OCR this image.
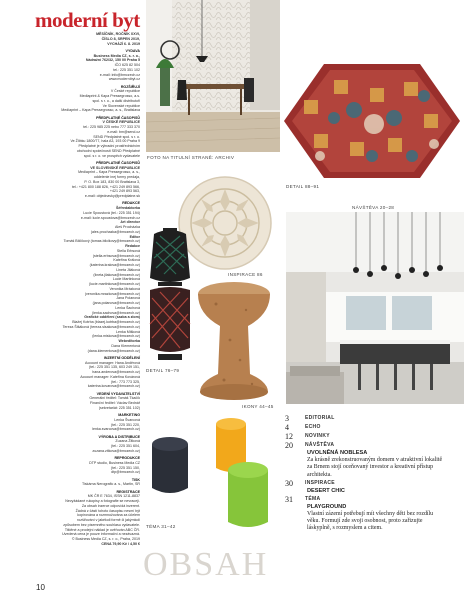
moderní byt
MĚSÍČNÍK, ROČNÍK XXVI,
ČÍSLO 8, SRPEN 2019,
VYCHÁZÍ 6. 8. 2019
VYDAVA
Business Media CZ, s. r. o.,
Nádražní 762/32, 150 00 Praha 5
IČO 625 82 504
tel.: 225 351 102
e-mail: info@bmczech.cz
www.moderníbyt.cz
ROZŠIŘUJÍ
V České republice
Mediaprint & Kapa Pressegrosso, a.s.
spol. s r. o., a další distributoři
Ve Slovenské republice
Mediaprint – Kapa Pressegrosso, a. s., Bratislava
PŘEDPLATNÉ ČASOPISŮ
V ČESKÉ REPUBLICE
tel.: 225 985 225 nebo 777 333 370
e-mail: bm@send.cz
SEND Předplatné spol. s r. o.
Ve Žlíbku 1800/77, hala A3, 193 00 Praha 9
Předplatné je výhradní prostřednictvím
obchodní společnosti SEND Předplatné
spol. s r. o. ve prospěch vydavatele
PŘEDPLATNÉ ČASOPISŮ
VE SLOVENSKÉ REPUBLICE
Mediaprint – Kapa Pressegrosso, a. s.,
oddelenie inej formy predaja,
P. O. Box 183, 830 00 Bratislava 3,
tel.: +421 800 188 826, +421 249 893 566,
+421 249 893 563,
e-mail: objednavky@predplatne.sk
REDAKCE
Šéfredaktorka
Lucie Spoustová (tel.: 225 351 194)
e-mail: lucie.spoustova@bmczech.cz
Art director
Aleš Procházka
(ales.prochazka@bmczech.cz)
Editor
Tomáš Bílčíkový (tomas.bilcikovy@bmczech.cz)
Redakce
Stella Erbsová
(stella.erbsova@bmczech.cz)
Kateřina Králová
(katerina.kralova@bmczech.cz)
Lineta Jiláková
(lineta.jilakova@bmczech.cz)
Lucie Martinková
(lucie.martinkova@bmczech.cz)
Veronika Mrázková
(veronika.mrazkova@bmczech.cz)
Jana Polanová
(jana.polanova@bmczech.cz)
Lenka Šachová
(lenka.sachova@bmczech.cz)
Grafické oddělení (sazba a zlom)
Blažej Kotrba (blazej.kotrba@bmczech.cz)
Tereza Šišáková (tereza.sisakova@bmczech.cz)
Lenka Mišková
(lenka.miskova@bmczech.cz)
Webeditorka
Dana Klementová
(dana.klementova@bmczech.cz)
INZERTNÍ ODDĚLENÍ
Account manager: Hana Anděrová
(tel.: 225 351 135, 603 249 151,
hana.anderova@bmczech.cz)
Account manager: Kateřina Kovárová
(tel.: 773 773 325,
katerina.kovarova@bmczech.cz)
VEDENÍ VYDAVATELSTVÍ
Generální ředitel: Tomáš Tkačík
Finanční ředitel: Václav Bednář
(sekretariát: 225 351 102)
MARKETING
Lenka Švarcová
(tel.: 225 351 220,
lenka.svarcova@bmczech.cz)
VÝROBA A DISTRIBUCE
Zuzana Žitková
(tel.: 225 351 604,
zuzana.zitkova@bmczech.cz)
REPRODUKCE
DTP studio, Business Media CZ
(tel.: 225 351 150,
dtp@bmczech.cz)
TISK
Tiskárna Nerografic a. s., Martin, SR
REGISTRACE
MK ČR E 7634, ISSN 1211-8837
Nevyžádané rukopisy a fotografie se nevracejí.
Za obsah inzerce odpovídá inzerent.
Žádná z částí tohoto časopisu nesmí být
kopírována a rozmnožována za účelem
rozšiřování v jakékoli formě či jakýmkoli
způsobem bez písemného souhlasu vydavatele.
Tištěné a prodejní náklad je ověřován ABC ČR.
Uvedená cena je pouze informační a nezávazná.
© Business Media CZ, s. r. o., Praha, 2019
CENA 79,90 Kč / 4,50 €
FOTO NA TITULNÍ STRANĚ: ARCHIV
DETAIL 88–91
INSPIRACE 86
NÁVŠTĚVA 20–28
DETAIL 76–79
IKONY 44–45
TÉMA 31–42
3	EDITORIAL
4	ECHO
12	NOVINKY
20	NÁVŠTĚVA
UVOLNĚNÁ NOBLESA
Za krásně zrekonstruovaným domem v atraktivní lokalitě za Brnem stojí oceňovaný investor a kreativní přístup architekta.
30	INSPIRACE
DESERT CHIC
31	TÉMA
PLAYGROUND
Vlastní zázemí potřebují mít všechny děti bez rozdílu věku. Formují zde svoji osobnost, proto zařizujte láskyplně, s rozmyslem a citem.
OBSAH
10
